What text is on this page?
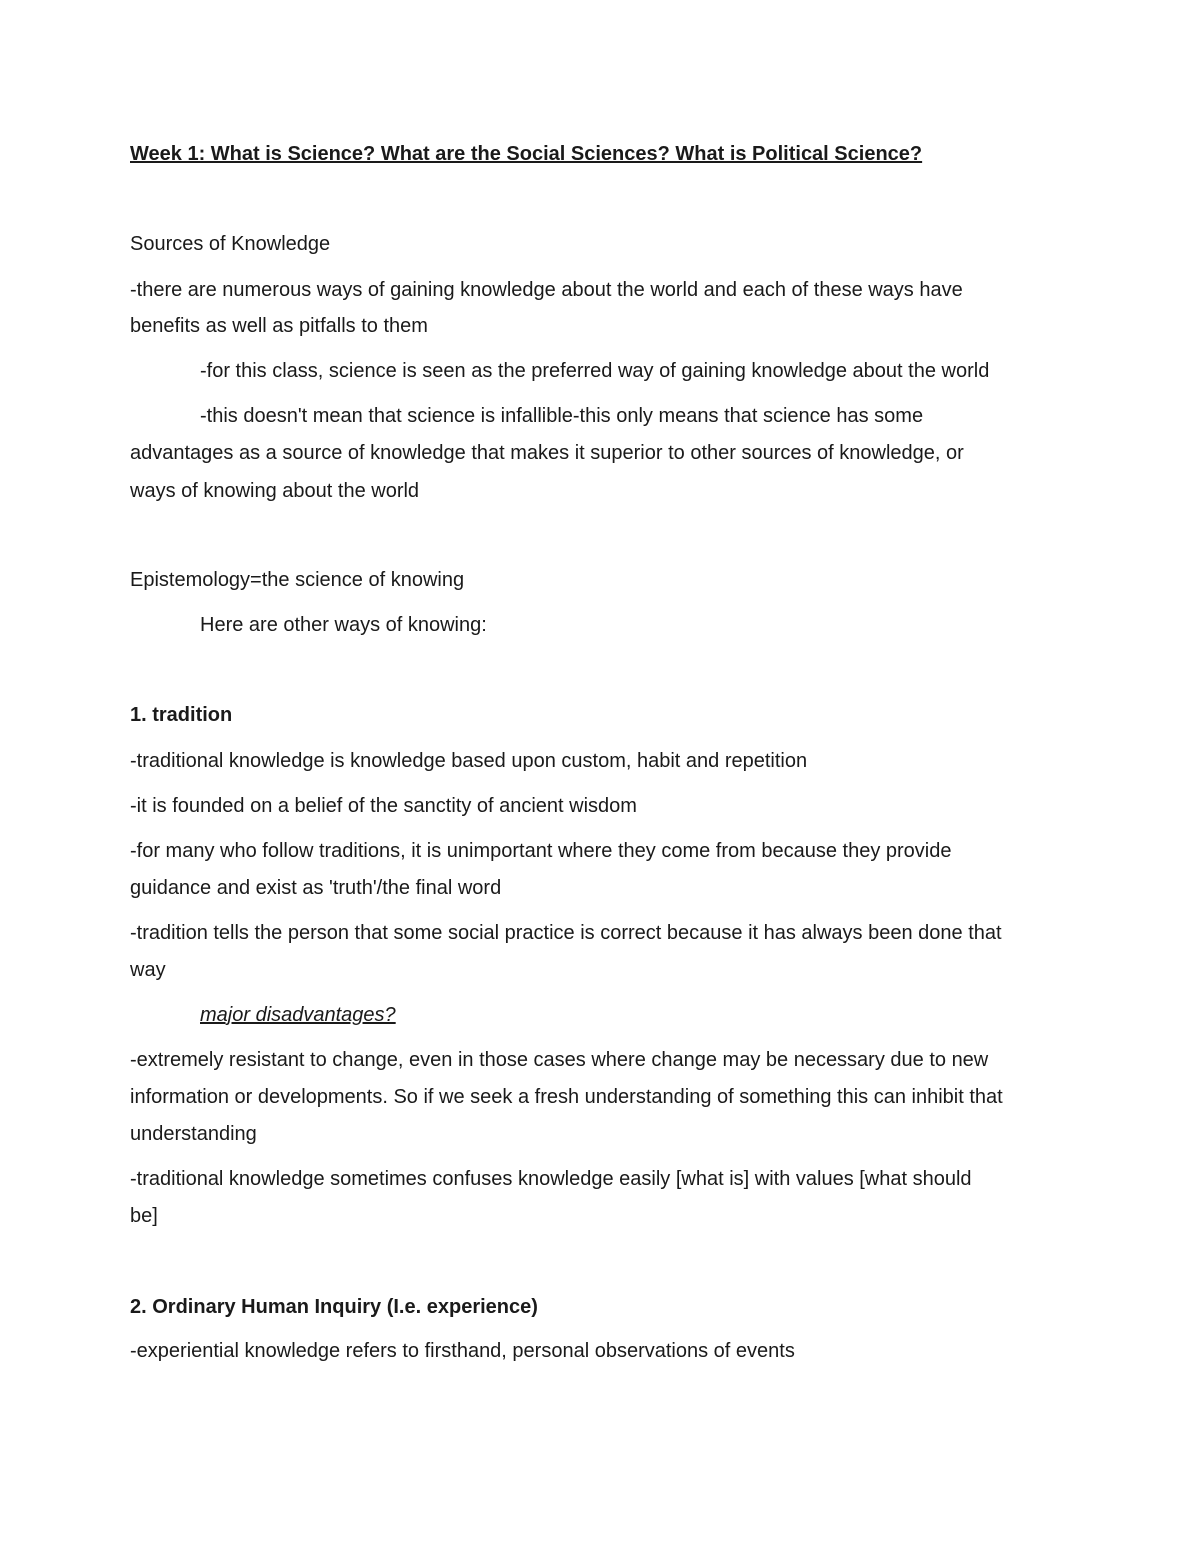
Week 1: What is Science? What are the Social Sciences? What is Political Science?
Sources of Knowledge
-there are numerous ways of gaining knowledge about the world and each of these ways have
benefits as well as pitfalls to them
-for this class, science is seen as the preferred way of gaining knowledge about the world
-this doesn't mean that science is infallible-this only means that science has some
advantages as a source of knowledge that makes it superior to other sources of knowledge, or
ways of knowing about the world
Epistemology=the science of knowing
Here are other ways of knowing:
1. tradition
-traditional knowledge is knowledge based upon custom, habit and repetition
-it is founded on a belief of the sanctity of ancient wisdom
-for many who follow traditions, it is unimportant where they come from because they provide
guidance and exist as 'truth'/the final word
-tradition tells the person that some social practice is correct because it has always been done that
way
major disadvantages?
-extremely resistant to change, even in those cases where change may be necessary due to new
information or developments. So if we seek a fresh understanding of something this can inhibit that
understanding
-traditional knowledge sometimes confuses knowledge easily [what is] with values [what should
be]
2. Ordinary Human Inquiry (I.e. experience)
-experiential knowledge refers to firsthand, personal observations of events
